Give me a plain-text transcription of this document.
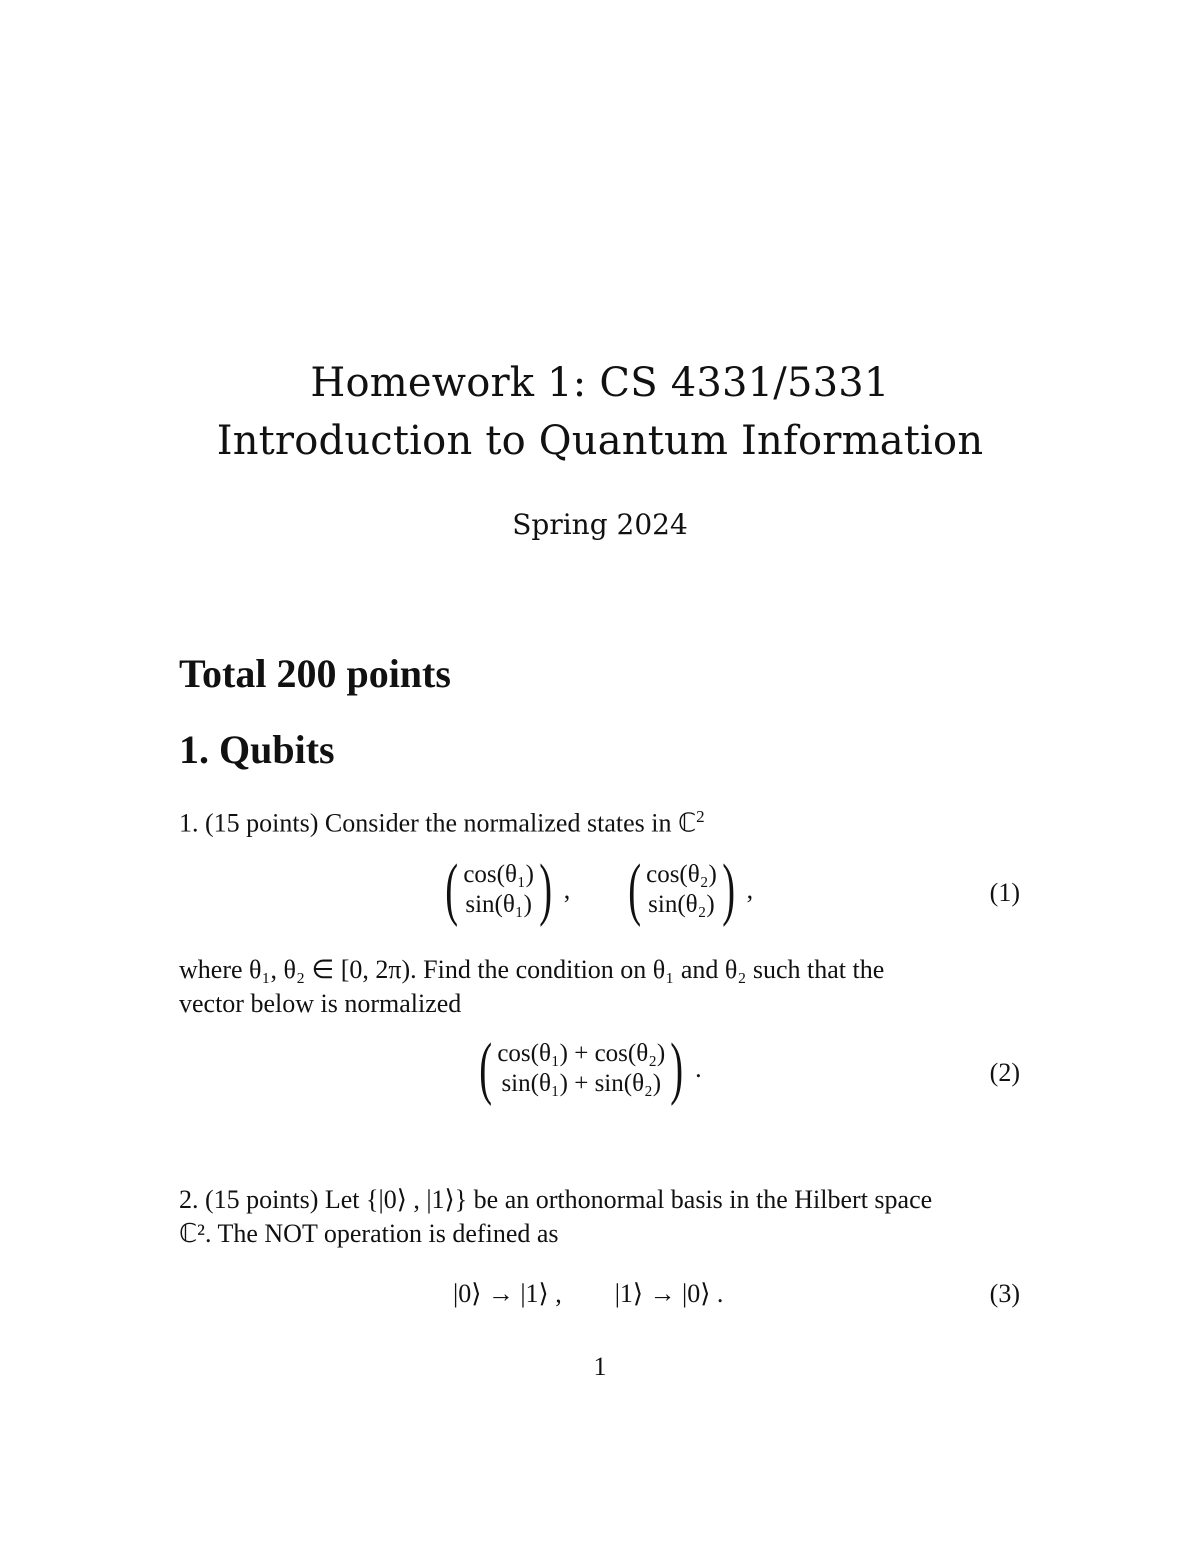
Homework 1: CS 4331/5331
Introduction to Quantum Information
Spring 2024
Total 200 points
1. Qubits
1. (15 points) Consider the normalized states in ℂ$^2$
( cos(θ₁)
sin(θ₁) ) , ( cos(θ₂)
sin(θ₂) ) ,	(1)
where θ₁, θ₂ ∈ [0, 2π). Find the condition on θ₁ and θ₂ such that the
vector below is normalized
( cos(θ₁) + cos(θ₂)
sin(θ₁) + sin(θ₂) ) .	(2)
2. (15 points) Let {|0⟩ , |1⟩} be an orthonormal basis in the Hilbert space
ℂ². The NOT operation is defined as
|0⟩ → |1⟩ , |1⟩ → |0⟩ .	(3)
1
